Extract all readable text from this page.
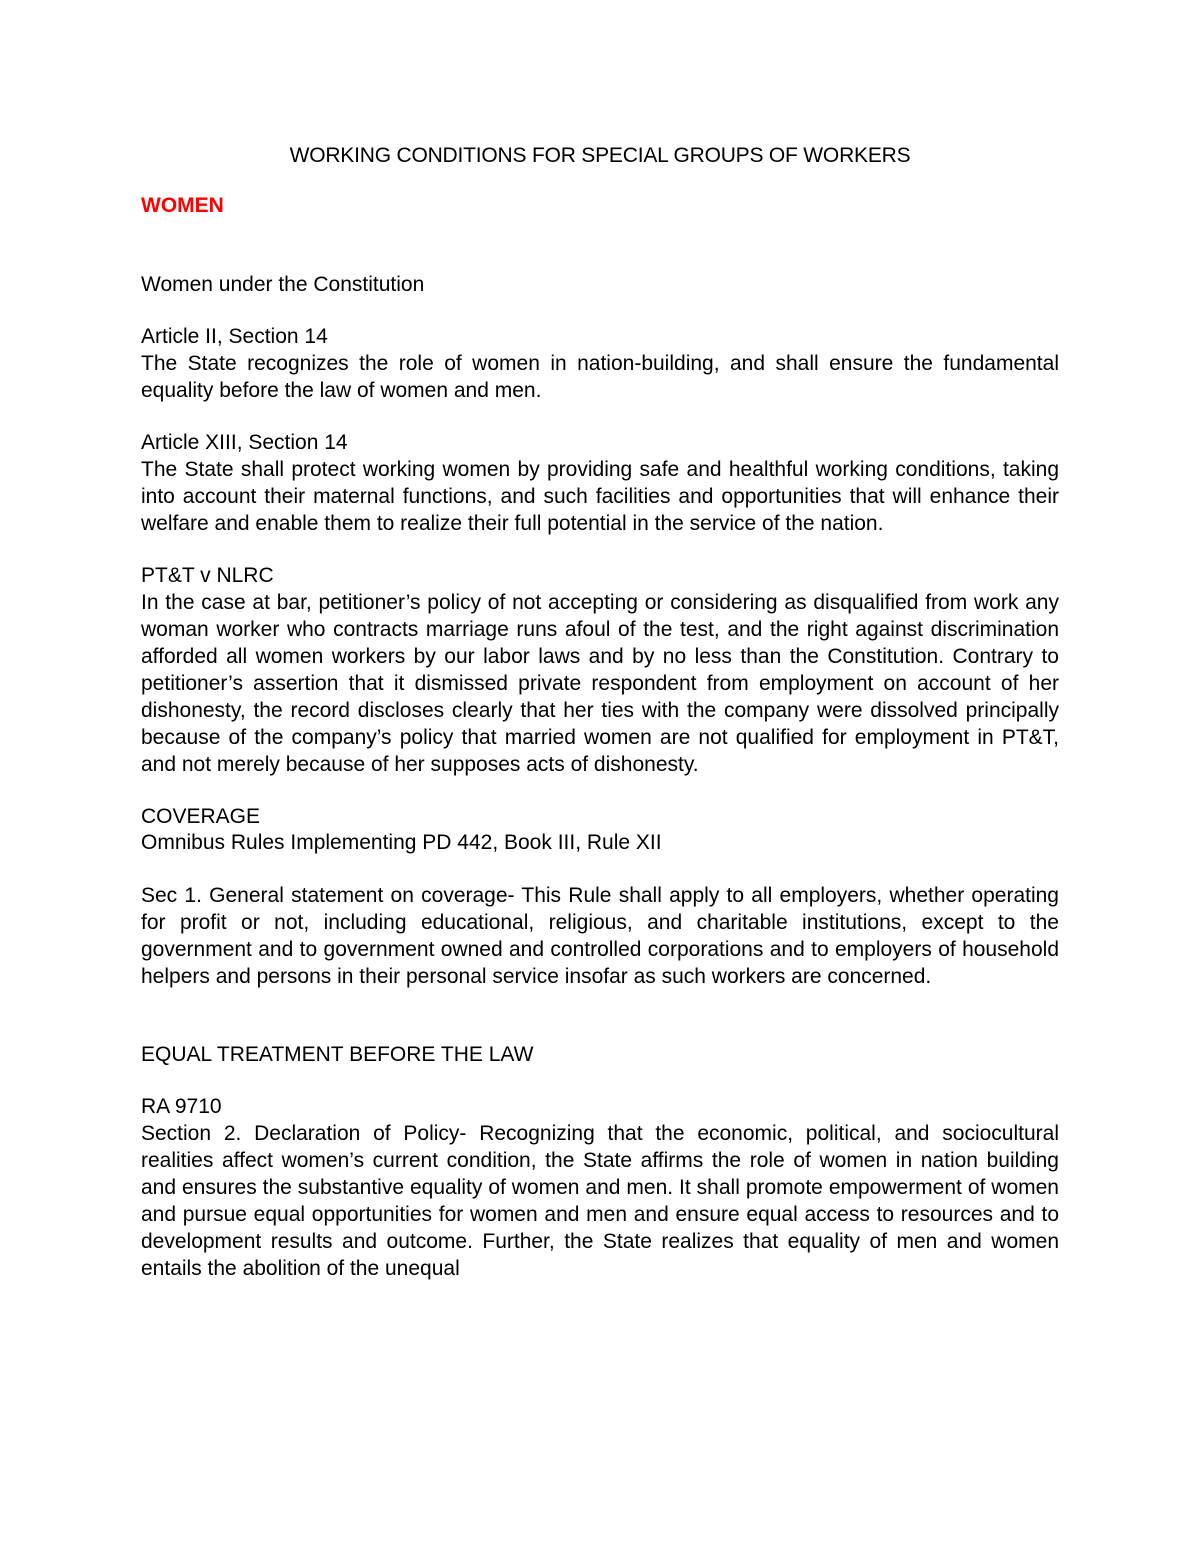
WORKING CONDITIONS FOR SPECIAL GROUPS OF WORKERS

WOMEN

Women under the Constitution

Article II, Section 14

The State recognizes the role of women in nation-building, and shall ensure the fundamental equality before the law of women and men.

Article XIII, Section 14

The State shall protect working women by providing safe and healthful working conditions, taking into account their maternal functions, and such facilities and opportunities that will enhance their welfare and enable them to realize their full potential in the service of the nation.

PT&T v NLRC

In the case at bar, petitioner’s policy of not accepting or considering as disqualified from work any woman worker who contracts marriage runs afoul of the test, and the right against discrimination afforded all women workers by our labor laws and by no less than the Constitution. Contrary to petitioner’s assertion that it dismissed private respondent from employment on account of her dishonesty, the record discloses clearly that her ties with the company were dissolved principally because of the company’s policy that married women are not qualified for employment in PT&T, and not merely because of her supposes acts of dishonesty.

COVERAGE

Omnibus Rules Implementing PD 442, Book III, Rule XII

Sec 1. General statement on coverage- This Rule shall apply to all employers, whether operating for profit or not, including educational, religious, and charitable institutions, except to the government and to government owned and controlled corporations and to employers of household helpers and persons in their personal service insofar as such workers are concerned.

EQUAL TREATMENT BEFORE THE LAW

RA 9710

Section 2. Declaration of Policy- Recognizing that the economic, political, and sociocultural realities affect women’s current condition, the State affirms the role of women in nation building and ensures the substantive equality of women and men. It shall promote empowerment of women and pursue equal opportunities for women and men and ensure equal access to resources and to development results and outcome. Further, the State realizes that equality of men and women entails the abolition of the unequal
